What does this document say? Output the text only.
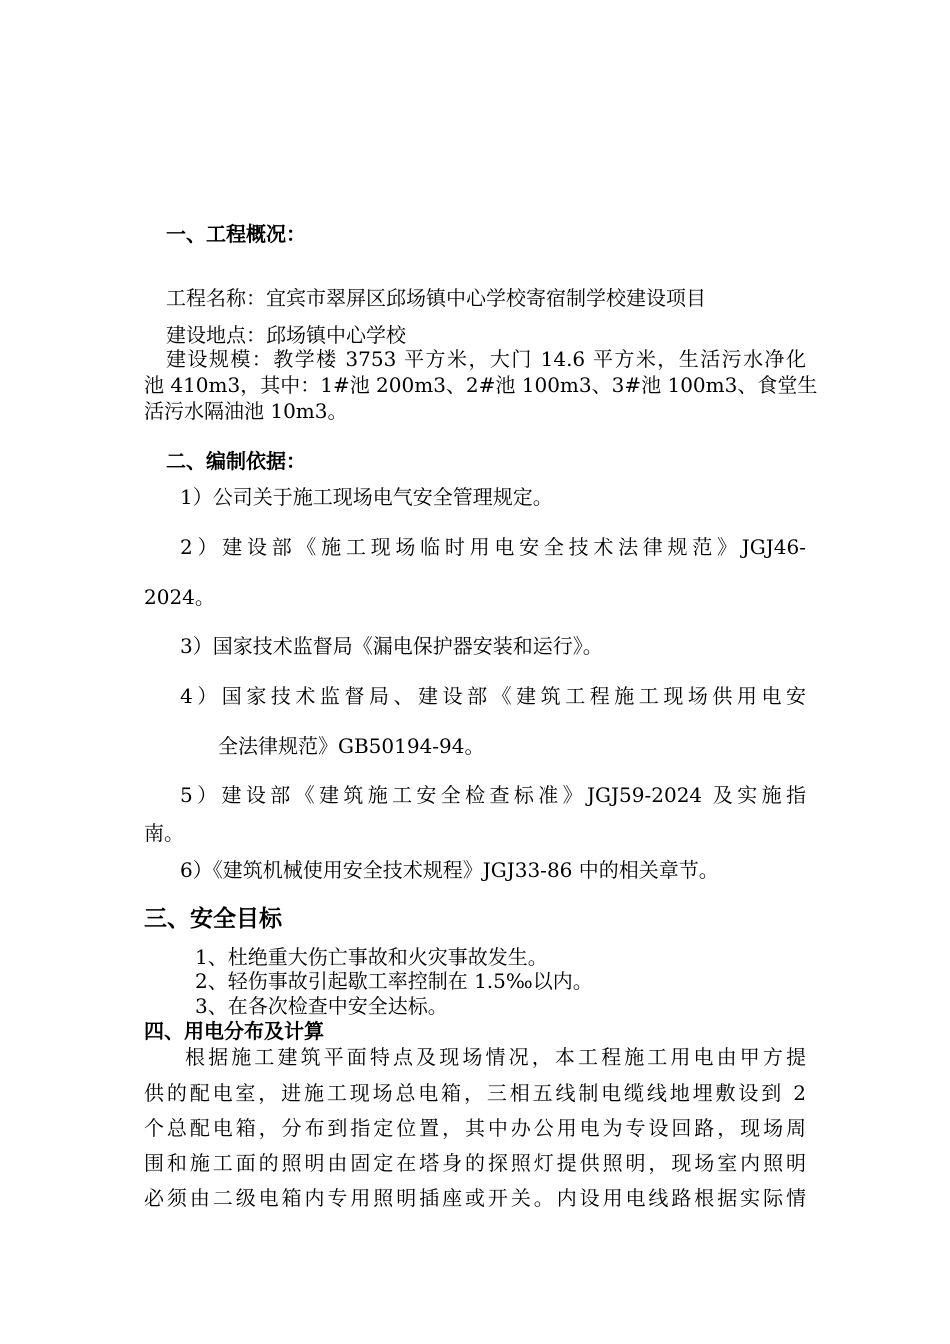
一、工程概况：
工程名称：宜宾市翠屏区邱场镇中心学校寄宿制学校建设项目
建设地点：邱场镇中心学校
建设规模：教学楼 3753 平方米，大门 14.6 平方米，生活污水净化
池 410m3，其中：1#池 200m3、2#池 100m3、3#池 100m3、食堂生
活污水隔油池 10m3。
二、编制依据：
1）公司关于施工现场电气安全管理规定。
2）建设部《施工现场临时用电安全技术法律规范》JGJ46-
2024。
3）国家技术监督局《漏电保护器安装和运行》。
4）国家技术监督局、建设部《建筑工程施工现场供用电安
全法律规范》GB50194-94。
5）建设部《建筑施工安全检查标准》JGJ59-2024 及实施指
南。
6）《建筑机械使用安全技术规程》JGJ33-86 中的相关章节。
三、安全目标
1、杜绝重大伤亡事故和火灾事故发生。
2、轻伤事故引起歇工率控制在 1.5‰以内。
3、在各次检查中安全达标。
四、用电分布及计算
根据施工建筑平面特点及现场情况，本工程施工用电由甲方提
供的配电室，进施工现场总电箱，三相五线制电缆线地埋敷设到 2
个总配电箱，分布到指定位置，其中办公用电为专设回路，现场周
围和施工面的照明由固定在塔身的探照灯提供照明，现场室内照明
必须由二级电箱内专用照明插座或开关。内设用电线路根据实际情
